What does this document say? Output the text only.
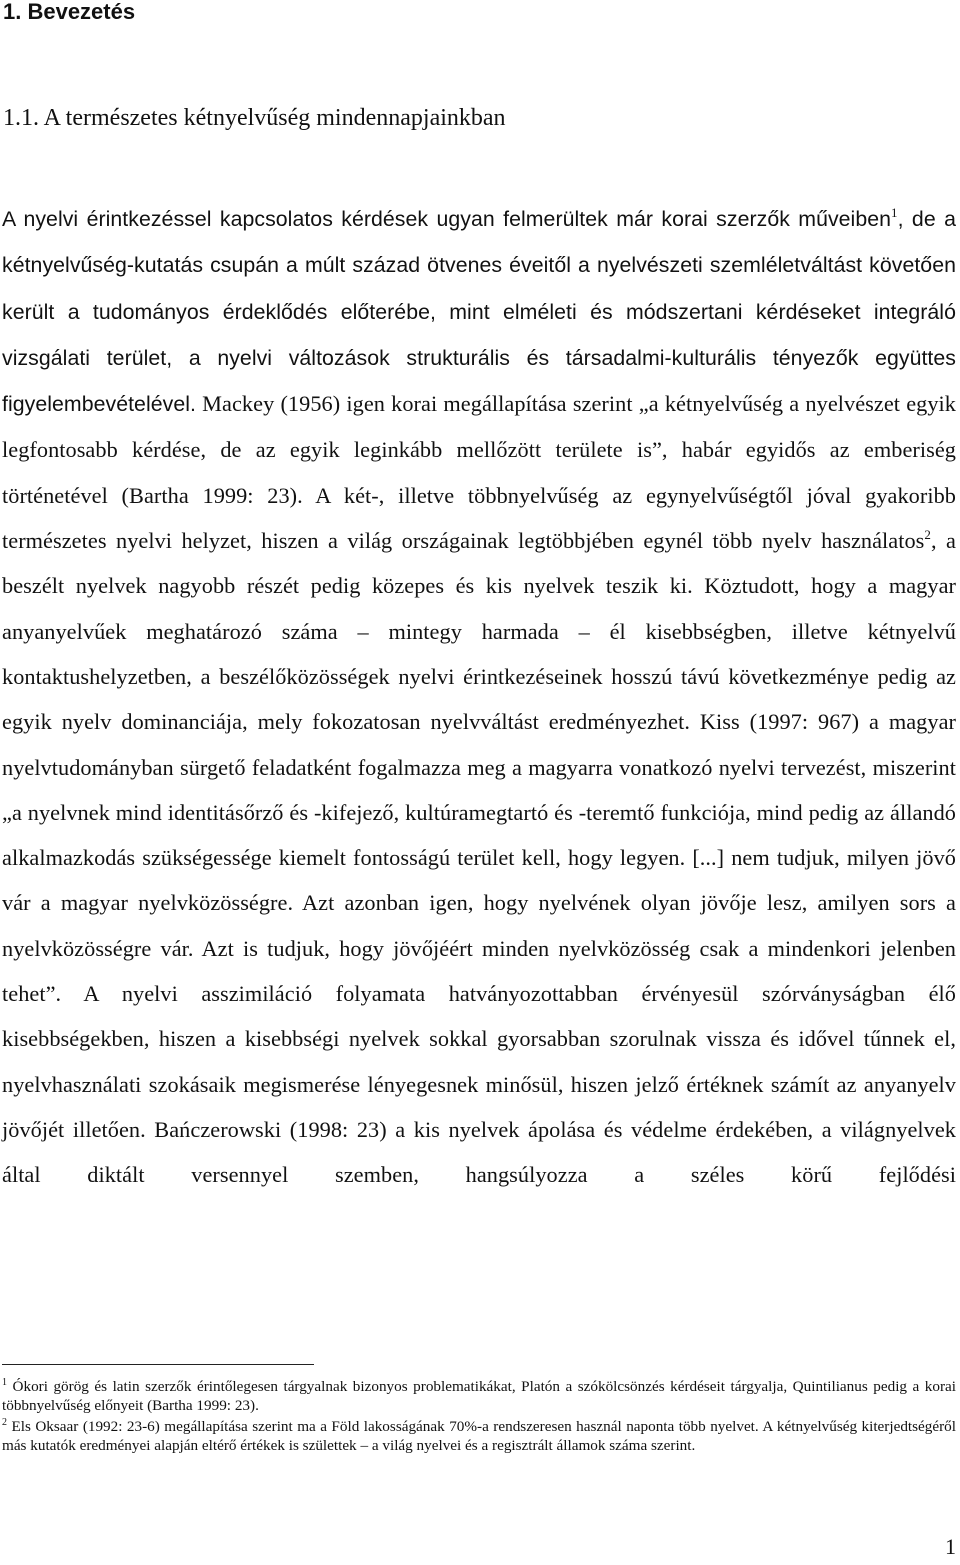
1. Bevezetés
1.1. A természetes kétnyelvűség mindennapjainkban

A nyelvi érintkezéssel kapcsolatos kérdések ugyan felmerültek már korai szerzők műveiben$^1$, de a kétnyelvűség-kutatás csupán a múlt század ötvenes éveitől a nyelvészeti szemléletváltást követően került a tudományos érdeklődés előterébe, mint elméleti és módszertani kérdéseket integráló vizsgálati terület, a nyelvi változások strukturális és társadalmi-kulturális tényezők együttes figyelembevételével. Mackey (1956) igen korai megállapítása szerint „a kétnyelvűség a nyelvészet egyik legfontosabb kérdése, de az egyik leginkább mellőzött területe is”, habár egyidős az emberiség történetével (Bartha 1999: 23). A két-, illetve többnyelvűség az egynyelvűségtől jóval gyakoribb természetes nyelvi helyzet, hiszen a világ országainak legtöbbjében egynél több nyelv használatos$^2$, a beszélt nyelvek nagyobb részét pedig közepes és kis nyelvek teszik ki. Köztudott, hogy a magyar anyanyelvűek meghatározó száma – mintegy harmada – él kisebbségben, illetve kétnyelvű kontaktushelyzetben, a beszélőközösségek nyelvi érintkezéseinek hosszú távú következménye pedig az egyik nyelv dominanciája, mely fokozatosan nyelvváltást eredményezhet. Kiss (1997: 967) a magyar nyelvtudományban sürgető feladatként fogalmazza meg a magyarra vonatkozó nyelvi tervezést, miszerint „a nyelvnek mind identitásőrző és -kifejező, kultúramegtartó és -teremtő funkciója, mind pedig az állandó alkalmazkodás szükségessége kiemelt fontosságú terület kell, hogy legyen. [...] nem tudjuk, milyen jövő vár a magyar nyelvközösségre. Azt azonban igen, hogy nyelvének olyan jövője lesz, amilyen sors a nyelvközösségre vár. Azt is tudjuk, hogy jövőjéért minden nyelvközösség csak a mindenkori jelenben tehet”. A nyelvi asszimiláció folyamata hatványozottabban érvényesül szórványságban élő kisebbségekben, hiszen a kisebbségi nyelvek sokkal gyorsabban szorulnak vissza és idővel tűnnek el, nyelvhasználati szokásaik megismerése lényegesnek minősül, hiszen jelző értéknek számít az anyanyelv jövőjét illetően. Bańczerowski (1998: 23) a kis nyelvek ápolása és védelme érdekében, a világnyelvek által diktált versennyel szemben, hangsúlyozza a széles körű fejlődési

$^1$ Ókori görög és latin szerzők érintőlegesen tárgyalnak bizonyos problematikákat, Platón a szókölcsönzés kérdéseit tárgyalja, Quintilianus pedig a korai többnyelvűség előnyeit (Bartha 1999: 23).

$^2$ Els Oksaar (1992: 23-6) megállapítása szerint ma a Föld lakosságának 70%-a rendszeresen használ naponta több nyelvet. A kétnyelvűség kiterjedtségéről más kutatók eredményei alapján eltérő értékek is születtek – a világ nyelvei és a regisztrált államok száma szerint.

1
